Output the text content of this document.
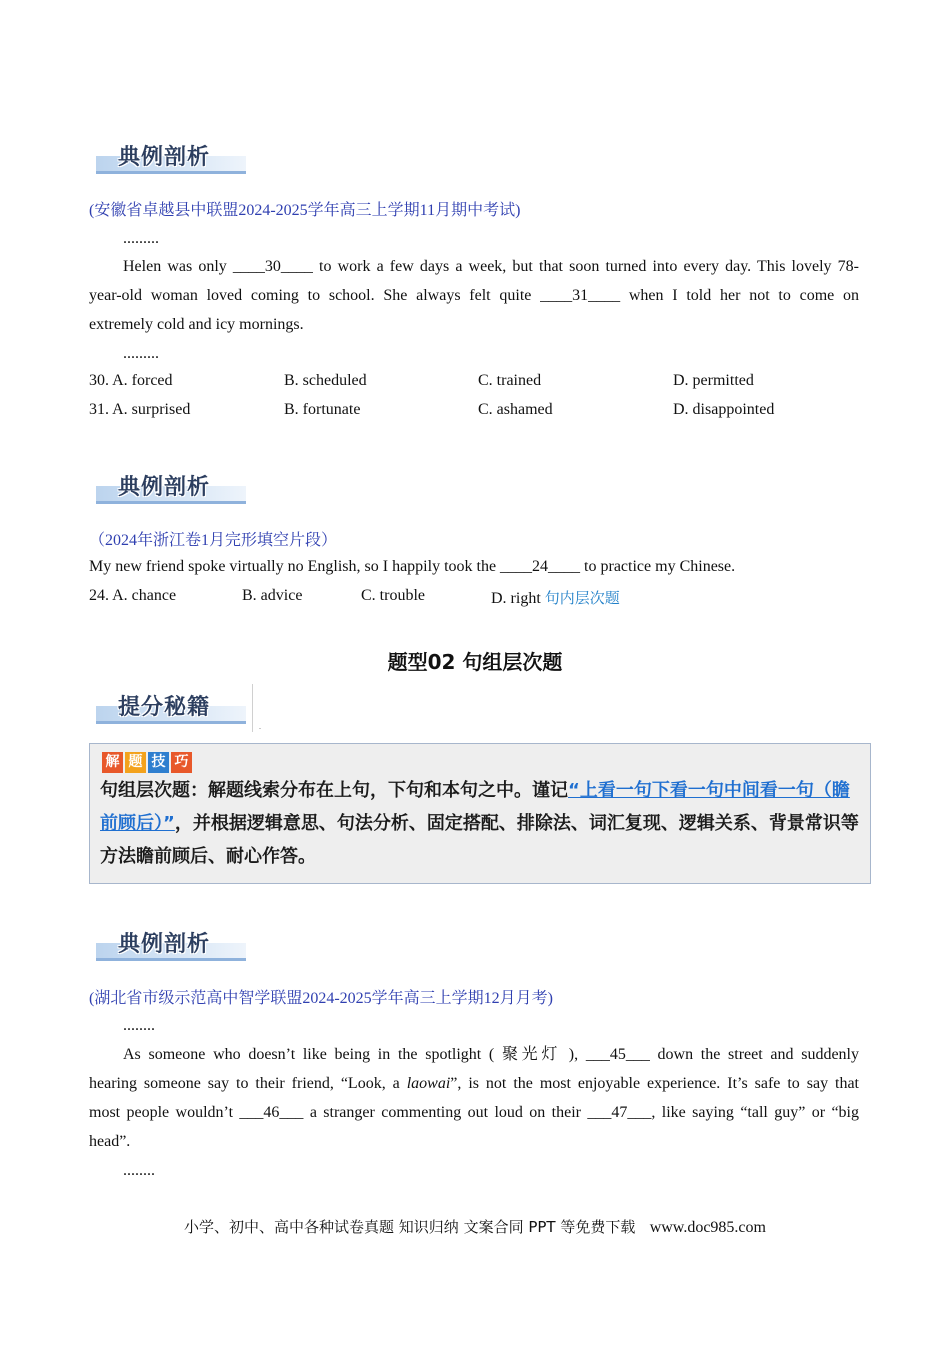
典例剖析
(安徽省卓越县中联盟2024-2025学年高三上学期11月期中考试)
.........
Helen was only ____30____ to work a few days a week, but that soon turned into every day. This lovely 78-
year-old woman loved coming to school. She always felt quite ____31____ when I told her not to come on
extremely cold and icy mornings.
.........
30. A. forced	B. scheduled	C. trained	D. permitted
31. A. surprised	B. fortunate	C. ashamed	D. disappointed
典例剖析
（2024年浙江卷1月完形填空片段）
My new friend spoke virtually no English, so I happily took the ____24____ to practice my Chinese.
24. A. chance	B. advice	C. trouble	D. right 句内层次题
题型02 句组层次题
提分秘籍
.
解 题 技 巧
句组层次题：解题线索分布在上句，下句和本句之中。谨记“上看一句下看一句中间看一句（瞻前顾后）”，并根据逻辑意思、句法分析、固定搭配、排除法、词汇复现、逻辑关系、背景常识等方法瞻前顾后、耐心作答。
典例剖析
(湖北省市级示范高中智学联盟2024-2025学年高三上学期12月月考)
........
As someone who doesn’t like being in the spotlight ( 聚光灯 ), ___45___ down the street and suddenly
hearing someone say to their friend, “Look, a laowai”, is not the most enjoyable experience. It’s safe to say that
most people wouldn’t ___46___ a stranger commenting out loud on their ___47___, like saying “tall guy” or “big
head”.
........
小学、初中、高中各种试卷真题 知识归纳 文案合同 PPT 等免费下载 www.doc985.com
